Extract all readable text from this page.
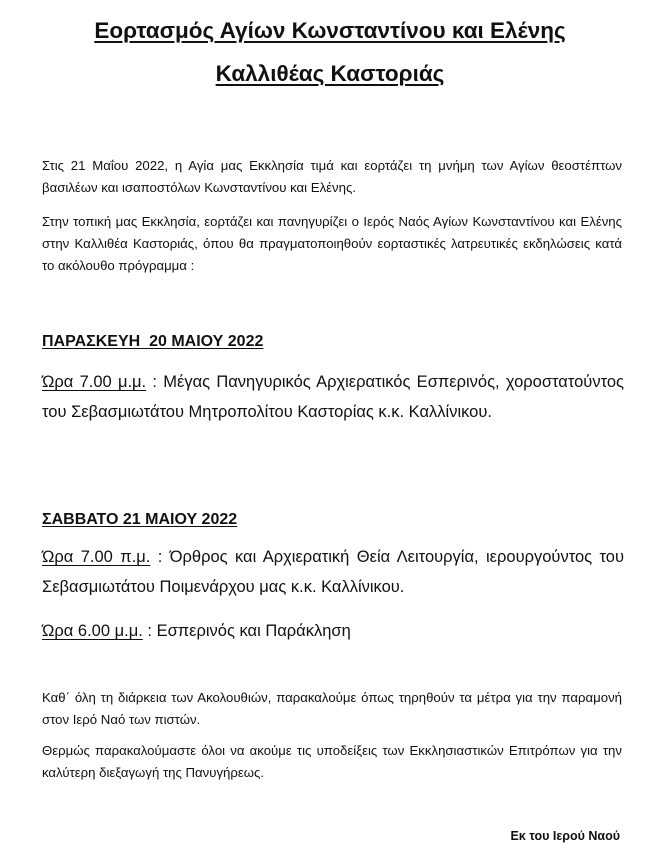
Εορτασμός Αγίων Κωνσταντίνου και Ελένης
Καλλιθέας Καστοριάς
Στις 21 Μαΐου 2022, η Αγία μας Εκκλησία τιμά και εορτάζει τη μνήμη των Αγίων θεοστέπτων βασιλέων και ισαποστόλων Κωνσταντίνου και Ελένης.
Στην τοπική μας Εκκλησία, εορτάζει και πανηγυρίζει ο Ιερός Ναός Αγίων Κωνσταντίνου και Ελένης στην Καλλιθέα Καστοριάς, όπου θα πραγματοποιηθούν εορταστικές λατρευτικές εκδηλώσεις κατά το ακόλουθο πρόγραμμα :
ΠΑΡΑΣΚΕΥΗ  20 ΜΑΙΟΥ 2022
Ώρα 7.00 μ.μ. : Μέγας Πανηγυρικός Αρχιερατικός Εσπερινός, χοροστατούντος του Σεβασμιωτάτου Μητροπολίτου Καστορίας κ.κ. Καλλίνικου.
ΣΑΒΒΑΤΟ 21 ΜΑΙΟΥ 2022
Ώρα 7.00 π.μ. : Όρθρος και Αρχιερατική Θεία Λειτουργία, ιερουργούντος του Σεβασμιωτάτου Ποιμενάρχου μας κ.κ. Καλλίνικου.
Ώρα 6.00 μ.μ. : Εσπερινός και Παράκληση
Καθ΄ όλη τη διάρκεια των Ακολουθιών, παρακαλούμε όπως τηρηθούν τα μέτρα για την παραμονή στον Ιερό Ναό των πιστών.
Θερμώς παρακαλούμαστε όλοι να ακούμε τις υποδείξεις των Εκκλησιαστικών Επιτρόπων για την καλύτερη διεξαγωγή της Πανυγήρεως.
Εκ του Ιερού Ναού
